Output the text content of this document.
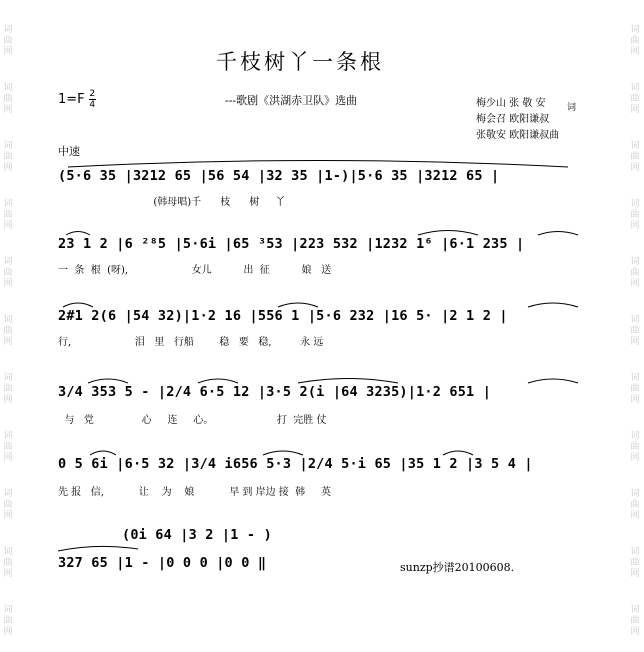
词
曲
网
词
曲
网
词
曲
网
词
曲
网
词
曲
网
词
曲
网
词
曲
网
词
曲
网
词
曲
网
词
曲
网
词
曲
网
词
曲
网
词
曲
网
词
曲
网
词
曲
网
词
曲
网
词
曲
网
词
曲
网
词
曲
网
词
曲
网
词
曲
网
词
曲
网
千枝树丫一条根
$1=F \frac{2}{4}$	---歌剧《洪湖赤卫队》选曲	梅少山 张 敬 安 词
梅会召 欧阳谦叔
张敬安 欧阳谦叔曲
中速
(5·6 35 |3212 65 |56 54 |32 35 |1-)|5·6 35 |3212 65 |
(韩母唱)千      枝      树     丫
23 1 2 |6 ²⁸5 |5·6i |65 ³53 |223 532 |1232 1⁶ |6·1 235 |
一  条  根  (呀),                    女儿          出  征          娘   送
2#1 2(6 |54 32)|1·2 16 |556 1 |5·6 232 |16 5· |2 1 2 |
行,                    泪   里   行船        稳   要   稳,         永 远
3/4 353 5 - |2/4 6·5 12 |3·5 2(i |64 3235)|1·2 651 |
与   党               心     连     心。                    打  完胜 仗
0 5 6i |6·5 32 |3/4 i656 5·3 |2/4 5·i 65 |35 1 2 |3 5 4 |
先 报   信,           让    为    娘           早 到 岸边 接  韩     英
(0i 64 |3 2 |1 - )
327 65 |1 - |0 0 0 |0 0 ‖	sunzp抄谱20100608.
